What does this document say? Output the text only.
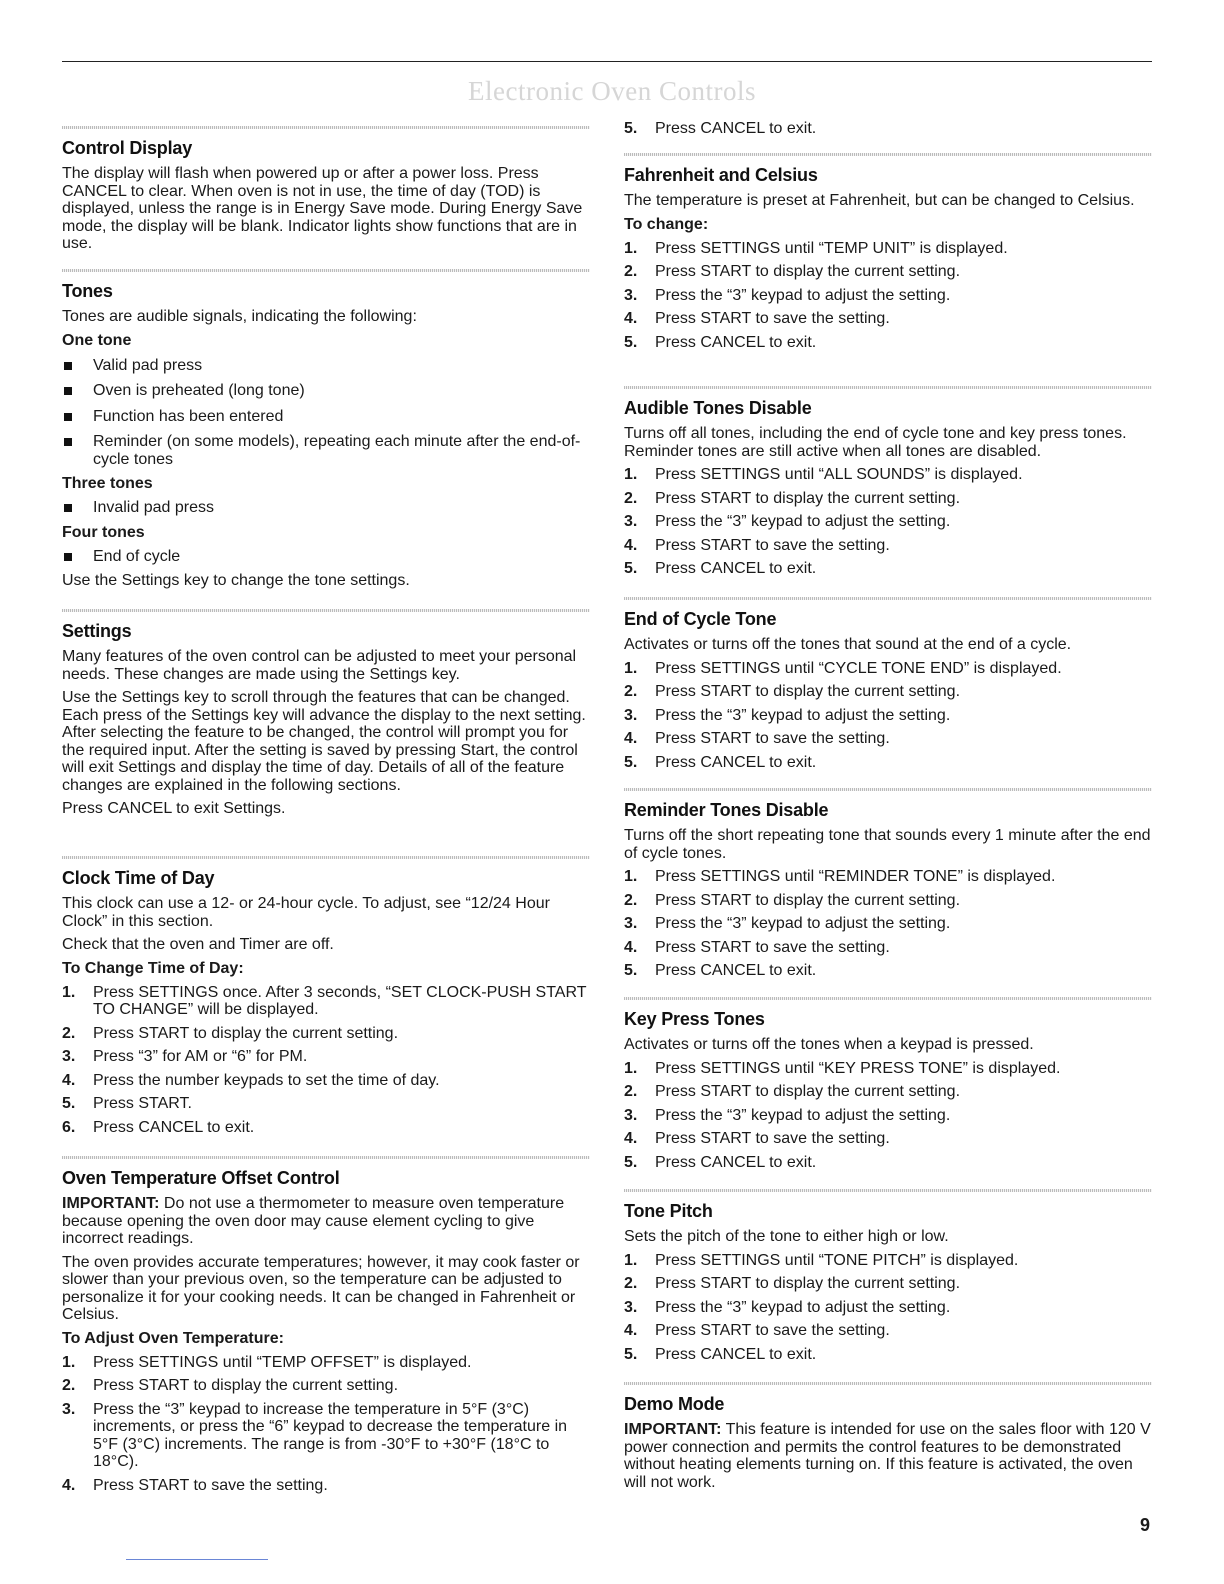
Electronic Oven Controls
Control Display

The display will flash when powered up or after a power loss. Press CANCEL to clear. When oven is not in use, the time of day (TOD) is displayed, unless the range is in Energy Save mode. During Energy Save mode, the display will be blank. Indicator lights show functions that are in use.

Tones

Tones are audible signals, indicating the following:

One tone
Valid pad press
Oven is preheated (long tone)
Function has been entered
Reminder (on some models), repeating each minute after the end-of-cycle tones
Three tones
Invalid pad press
Four tones
End of cycle

Use the Settings key to change the tone settings.

Settings

Many features of the oven control can be adjusted to meet your personal needs. These changes are made using the Settings key.

Use the Settings key to scroll through the features that can be changed. Each press of the Settings key will advance the display to the next setting. After selecting the feature to be changed, the control will prompt you for the required input. After the setting is saved by pressing Start, the control will exit Settings and display the time of day. Details of all of the feature changes are explained in the following sections.

Press CANCEL to exit Settings.

Clock Time of Day

This clock can use a 12- or 24-hour cycle. To adjust, see “12/24 Hour Clock” in this section.

Check that the oven and Timer are off.

To Change Time of Day:
1. Press SETTINGS once. After 3 seconds, “SET CLOCK-PUSH START TO CHANGE” will be displayed.
2. Press START to display the current setting.
3. Press “3” for AM or “6” for PM.
4. Press the number keypads to set the time of day.
5. Press START.
6. Press CANCEL to exit.
Oven Temperature Offset Control

IMPORTANT: Do not use a thermometer to measure oven temperature because opening the oven door may cause element cycling to give incorrect readings.

The oven provides accurate temperatures; however, it may cook faster or slower than your previous oven, so the temperature can be adjusted to personalize it for your cooking needs. It can be changed in Fahrenheit or Celsius.

To Adjust Oven Temperature:
1. Press SETTINGS until “TEMP OFFSET” is displayed.
2. Press START to display the current setting.
3. Press the “3” keypad to increase the temperature in 5°F (3°C) increments, or press the “6” keypad to decrease the temperature in 5°F (3°C) increments. The range is from -30°F to +30°F (18°C to 18°C).
4. Press START to save the setting.
5. Press CANCEL to exit.
Fahrenheit and Celsius

The temperature is preset at Fahrenheit, but can be changed to Celsius.

To change:
1. Press SETTINGS until “TEMP UNIT” is displayed.
2. Press START to display the current setting.
3. Press the “3” keypad to adjust the setting.
4. Press START to save the setting.
5. Press CANCEL to exit.
Audible Tones Disable

Turns off all tones, including the end of cycle tone and key press tones. Reminder tones are still active when all tones are disabled.

1. Press SETTINGS until “ALL SOUNDS” is displayed.
2. Press START to display the current setting.
3. Press the “3” keypad to adjust the setting.
4. Press START to save the setting.
5. Press CANCEL to exit.
End of Cycle Tone

Activates or turns off the tones that sound at the end of a cycle.

1. Press SETTINGS until “CYCLE TONE END” is displayed.
2. Press START to display the current setting.
3. Press the “3” keypad to adjust the setting.
4. Press START to save the setting.
5. Press CANCEL to exit.
Reminder Tones Disable

Turns off the short repeating tone that sounds every 1 minute after the end of cycle tones.

1. Press SETTINGS until “REMINDER TONE” is displayed.
2. Press START to display the current setting.
3. Press the “3” keypad to adjust the setting.
4. Press START to save the setting.
5. Press CANCEL to exit.
Key Press Tones

Activates or turns off the tones when a keypad is pressed.

1. Press SETTINGS until “KEY PRESS TONE” is displayed.
2. Press START to display the current setting.
3. Press the “3” keypad to adjust the setting.
4. Press START to save the setting.
5. Press CANCEL to exit.
Tone Pitch

Sets the pitch of the tone to either high or low.

1. Press SETTINGS until “TONE PITCH” is displayed.
2. Press START to display the current setting.
3. Press the “3” keypad to adjust the setting.
4. Press START to save the setting.
5. Press CANCEL to exit.
Demo Mode

IMPORTANT: This feature is intended for use on the sales floor with 120 V power connection and permits the control features to be demonstrated without heating elements turning on. If this feature is activated, the oven will not work.

9
